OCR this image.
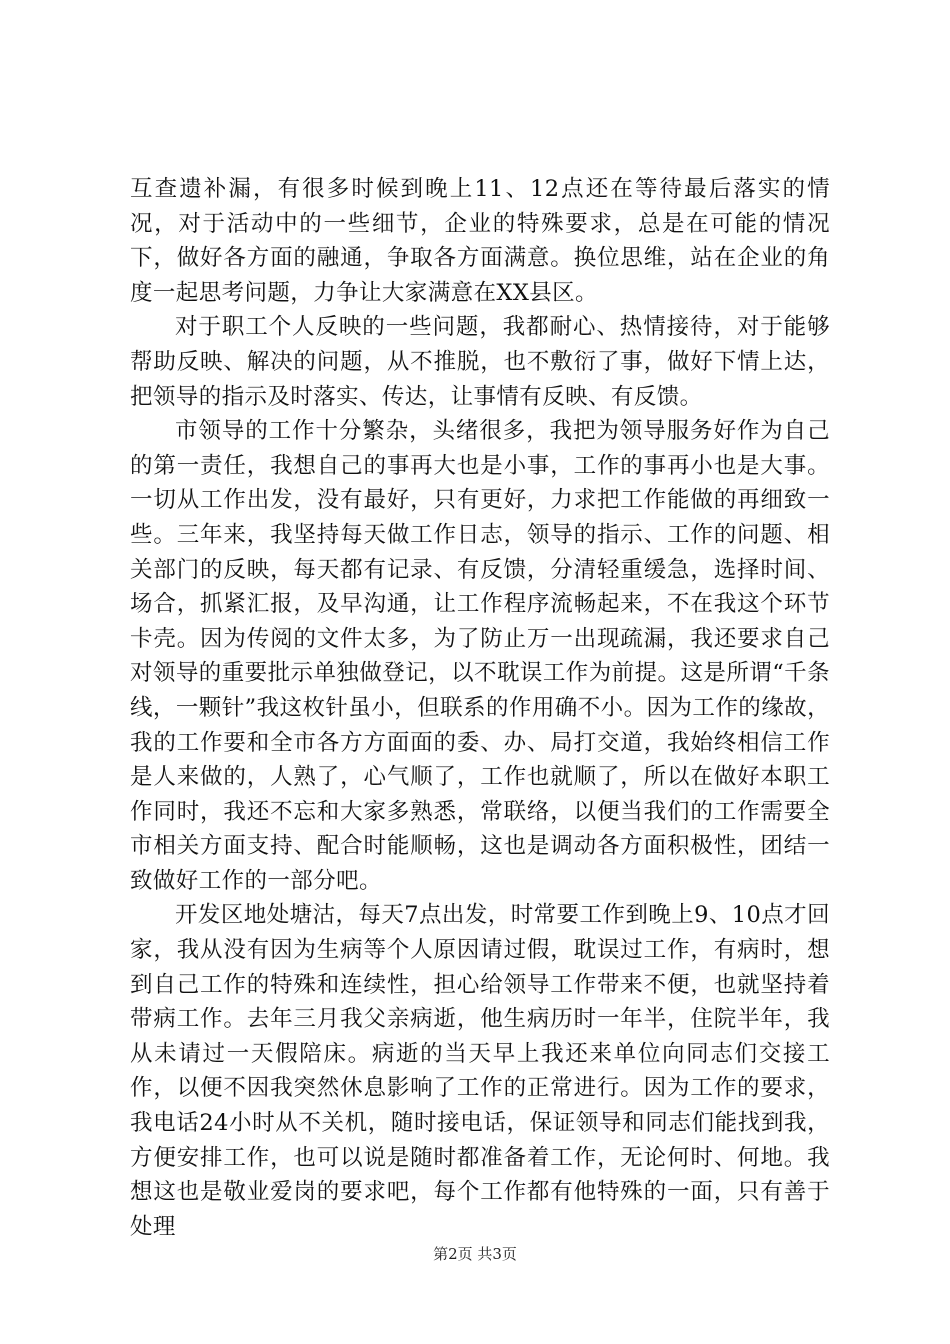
互查遗补漏，有很多时候到晚上11、12点还在等待最后落实的情况，对于活动中的一些细节，企业的特殊要求，总是在可能的情况下，做好各方面的融通，争取各方面满意。换位思维，站在企业的角度一起思考问题，力争让大家满意在XX县区。

对于职工个人反映的一些问题，我都耐心、热情接待，对于能够帮助反映、解决的问题，从不推脱，也不敷衍了事，做好下情上达，把领导的指示及时落实、传达，让事情有反映、有反馈。

市领导的工作十分繁杂，头绪很多，我把为领导服务好作为自己的第一责任，我想自己的事再大也是小事，工作的事再小也是大事。一切从工作出发，没有最好，只有更好，力求把工作能做的再细致一些。三年来，我坚持每天做工作日志，领导的指示、工作的问题、相关部门的反映，每天都有记录、有反馈，分清轻重缓急，选择时间、场合，抓紧汇报，及早沟通，让工作程序流畅起来，不在我这个环节卡壳。因为传阅的文件太多，为了防止万一出现疏漏，我还要求自己对领导的重要批示单独做登记，以不耽误工作为前提。这是所谓“千条线，一颗针”我这枚针虽小，但联系的作用确不小。因为工作的缘故，我的工作要和全市各方方面面的委、办、局打交道，我始终相信工作是人来做的，人熟了，心气顺了，工作也就顺了，所以在做好本职工作同时，我还不忘和大家多熟悉，常联络，以便当我们的工作需要全市相关方面支持、配合时能顺畅，这也是调动各方面积极性，团结一致做好工作的一部分吧。

开发区地处塘沽，每天7点出发，时常要工作到晚上9、10点才回家，我从没有因为生病等个人原因请过假，耽误过工作，有病时，想到自己工作的特殊和连续性，担心给领导工作带来不便，也就坚持着带病工作。去年三月我父亲病逝，他生病历时一年半，住院半年，我从未请过一天假陪床。病逝的当天早上我还来单位向同志们交接工作，以便不因我突然休息影响了工作的正常进行。因为工作的要求，我电话24小时从不关机，随时接电话，保证领导和同志们能找到我，方便安排工作，也可以说是随时都准备着工作，无论何时、何地。我想这也是敬业爱岗的要求吧，每个工作都有他特殊的一面，只有善于处理

第2页 共3页
